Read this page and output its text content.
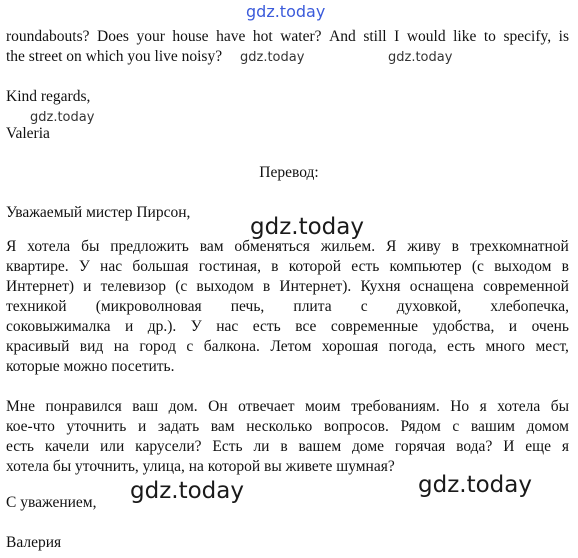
gdz.today
gdz.today	gdz.today
gdz.today
gdz.today
gdz.today	gdz.today
roundabouts? Does your house have hot water? And still I would like to specify, is
the street on which you live noisy?
Kind regards,
Valeria
Перевод:
Уважаемый мистер Пирсон,
Я хотела бы предложить вам обменяться жильем. Я живу в трехкомнатной
квартире. У нас большая гостиная, в которой есть компьютер (с выходом в
Интернет) и телевизор (с выходом в Интернет). Кухня оснащена современной
техникой (микроволновая печь, плита с духовкой, хлебопечка,
соковыжималка и др.). У нас есть все современные удобства, и очень
красивый вид на город с балкона. Летом хорошая погода, есть много мест,
которые можно посетить.
Мне понравился ваш дом. Он отвечает моим требованиям. Но я хотела бы
кое-что уточнить и задать вам несколько вопросов. Рядом с вашим домом
есть качели или карусели? Есть ли в вашем доме горячая вода? И еще я
хотела бы уточнить, улица, на которой вы живете шумная?
С уважением,
Валерия
